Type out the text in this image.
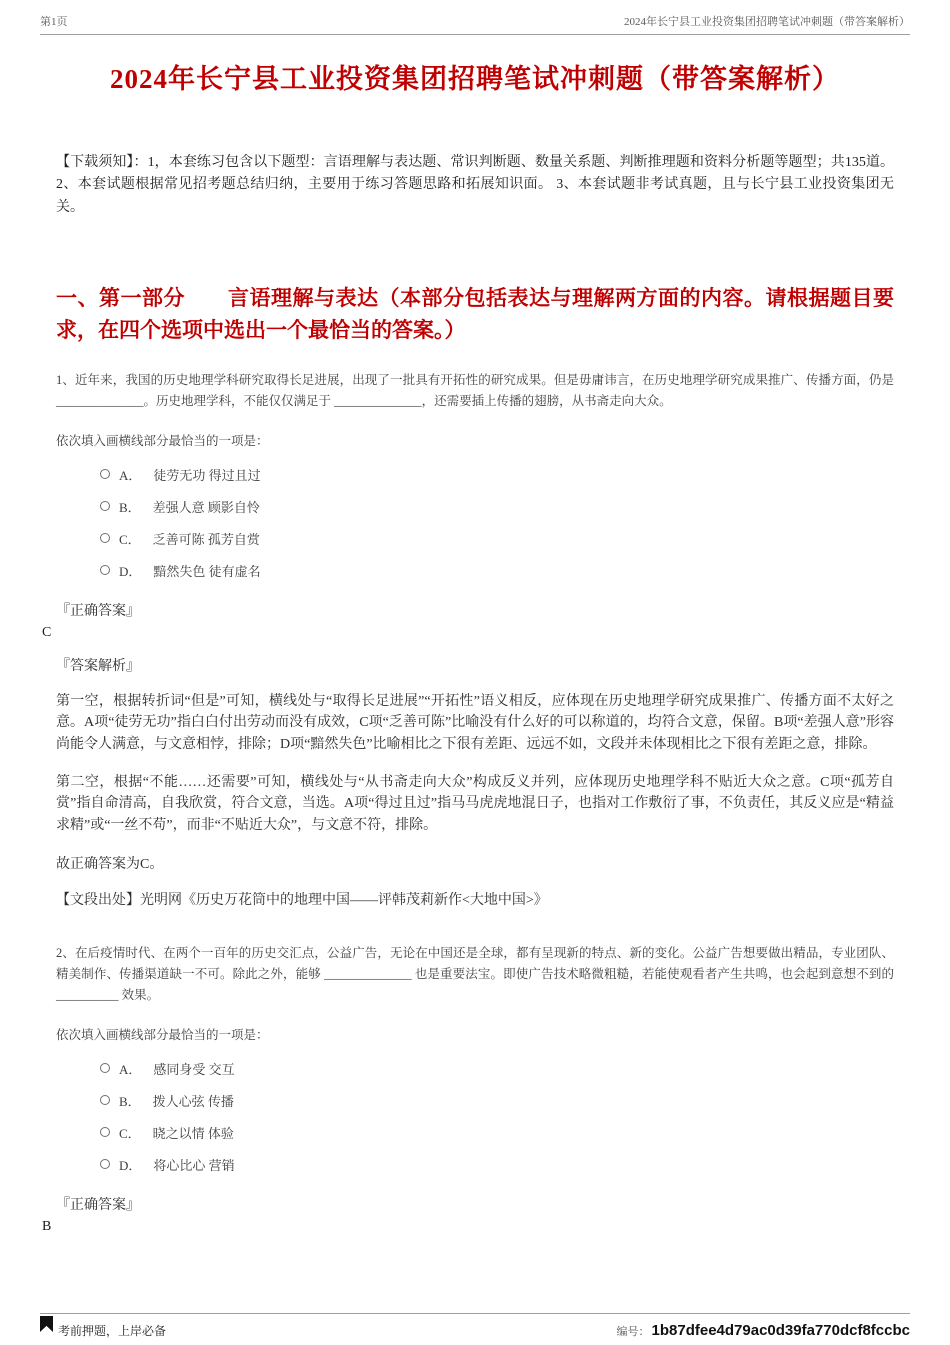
第1页	2024年长宁县工业投资集团招聘笔试冲刺题（带答案解析）
2024年长宁县工业投资集团招聘笔试冲刺题（带答案解析）

【下载须知】：1，本套练习包含以下题型：言语理解与表达题、常识判断题、数量关系题、判断推理题和资料分析题等题型；共135道。 2、本套试题根据常见招考题总结归纳，主要用于练习答题思路和拓展知识面。 3、本套试题非考试真题，且与长宁县工业投资集团无关。

一、第一部分　　言语理解与表达（本部分包括表达与理解两方面的内容。请根据题目要求，在四个选项中选出一个最恰当的答案。）

1、近年来，我国的历史地理学科研究取得长足进展，出现了一批具有开拓性的研究成果。但是毋庸讳言，在历史地理学研究成果推广、传播方面，仍是 ______________。历史地理学科，不能仅仅满足于 ______________，还需要插上传播的翅膀，从书斋走向大众。

依次填入画横线部分最恰当的一项是：

A． 徒劳无功 得过且过
B． 差强人意 顾影自怜
C． 乏善可陈 孤芳自赏
D． 黯然失色 徒有虚名

『正确答案』

C

『答案解析』

第一空，根据转折词“但是”可知，横线处与“取得长足进展”“开拓性”语义相反，应体现在历史地理学研究成果推广、传播方面不太好之意。A项“徒劳无功”指白白付出劳动而没有成效，C项“乏善可陈”比喻没有什么好的可以称道的，均符合文意，保留。B项“差强人意”形容尚能令人满意，与文意相悖，排除；D项“黯然失色”比喻相比之下很有差距、远远不如，文段并未体现相比之下很有差距之意，排除。

第二空，根据“不能……还需要”可知，横线处与“从书斋走向大众”构成反义并列，应体现历史地理学科不贴近大众之意。C项“孤芳自赏”指自命清高，自我欣赏，符合文意，当选。A项“得过且过”指马马虎虎地混日子，也指对工作敷衍了事，不负责任，其反义应是“精益求精”或“一丝不苟”，而非“不贴近大众”，与文意不符，排除。

故正确答案为C。

【文段出处】光明网《历史万花筒中的地理中国——评韩茂莉新作<大地中国>》

2、在后疫情时代、在两个一百年的历史交汇点，公益广告，无论在中国还是全球，都有呈现新的特点、新的变化。公益广告想要做出精品，专业团队、精美制作、传播渠道缺一不可。除此之外，能够 ______________ 也是重要法宝。即使广告技术略微粗糙，若能使观看者产生共鸣，也会起到意想不到的 __________ 效果。

依次填入画横线部分最恰当的一项是：

A． 感同身受 交互
B． 拨人心弦 传播
C． 晓之以情 体验
D． 将心比心 营销

『正确答案』

B

考前押题，上岸必备	编号： 1b87dfee4d79ac0d39fa770dcf8fccbc
